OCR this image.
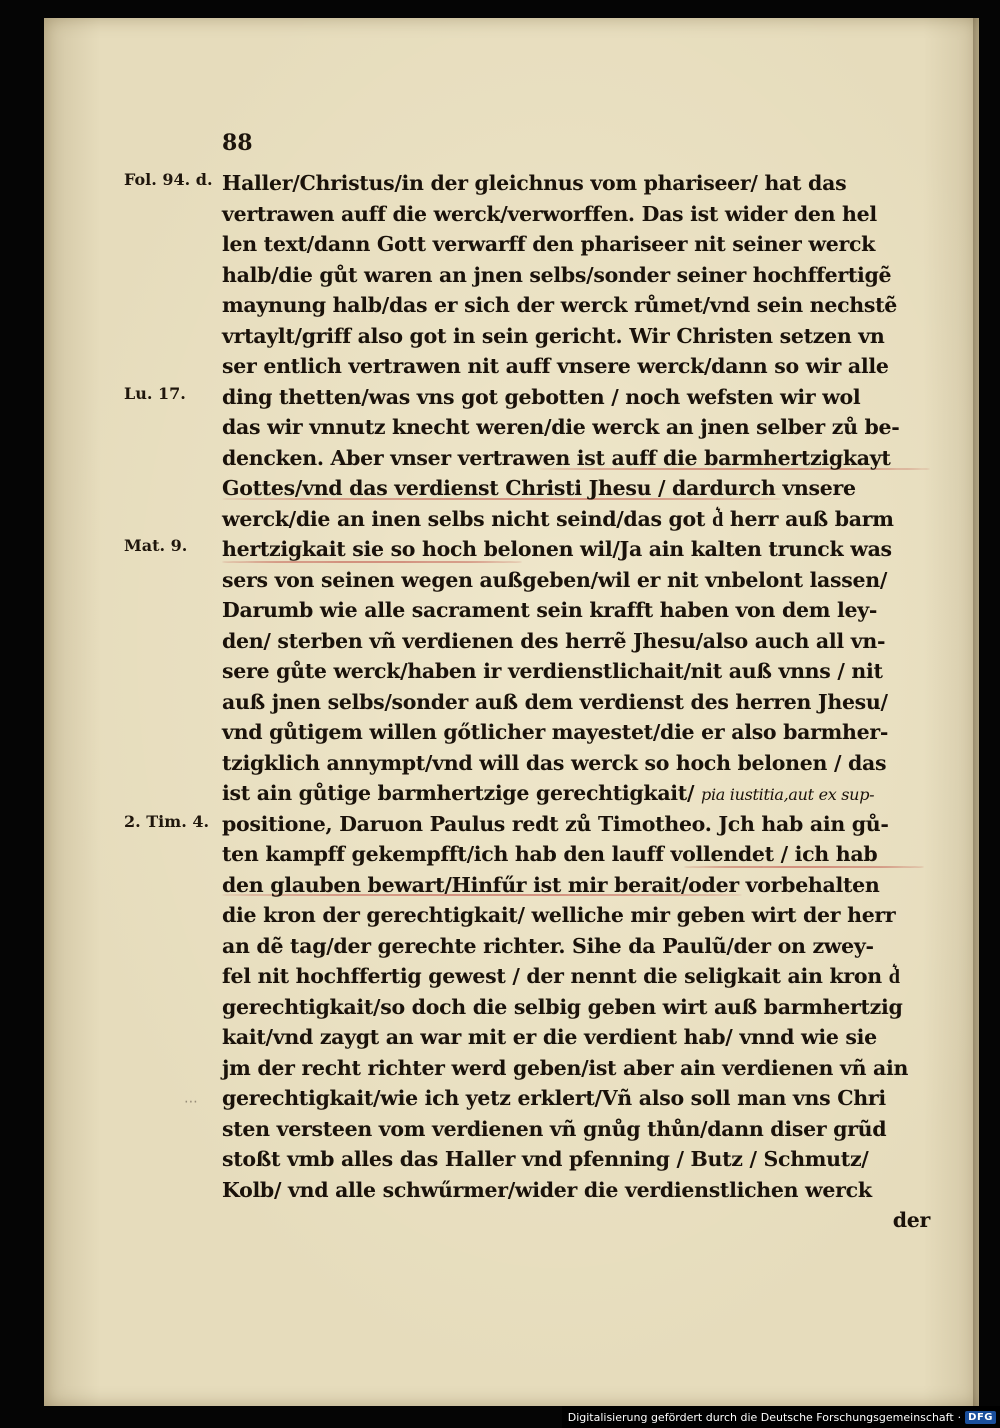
88
Fol. 94. d.
Lu. 17.
Mat. 9.
2. Tim. 4.
⋯
Haller/Christus/in der gleichnus vom phariseer/ hat das
vertrawen auff die werck/verworffen. Das ist wider den hel
len text/dann Gott verwarff den phariseer nit seiner werck
halb/die gůt waren an jnen selbs/sonder seiner hochffertigẽ
maynung halb/das er sich der werck růmet/vnd sein nechstẽ
vrtaylt/griff also got in sein gericht. Wir Christen setzen vn
ser entlich vertrawen nit auff vnsere werck/dann so wir alle
ding thetten/was vns got gebotten / noch wefsten wir wol
das wir vnnutz knecht weren/die werck an jnen selber zů be-
dencken. Aber vnser vertrawen ist auff die barmhertzigkayt
Gottes/vnd das verdienst Christi Jhesu / dardurch vnsere
werck/die an inen selbs nicht seind/das got d͛ herr auß barm
hertzigkait sie so hoch belonen wil/Ja ain kalten trunck was
sers von seinen wegen außgeben/wil er nit vnbelont lassen/
Darumb wie alle sacrament sein krafft haben von dem ley-
den/ sterben vñ verdienen des herrẽ Jhesu/also auch all vn-
sere gůte werck/haben ir verdienstlichait/nit auß vnns / nit
auß jnen selbs/sonder auß dem verdienst des herren Jhesu/
vnd gůtigem willen gőtlicher mayestet/die er also barmher-
tzigklich annympt/vnd will das werck so hoch belonen / das
ist ain gůtige barmhertzige gerechtigkait/ pia iustitia,aut ex sup-
positione, Daruon Paulus redt zů Timotheo. Jch hab ain gů-
ten kampff gekempfft/ich hab den lauff vollendet / ich hab
den glauben bewart/Hinfűr ist mir berait/oder vorbehalten
die kron der gerechtigkait/ welliche mir geben wirt der herr
an dẽ tag/der gerechte richter. Sihe da Paulũ/der on zwey-
fel nit hochffertig gewest / der nennt die seligkait ain kron d͛
gerechtigkait/so doch die selbig geben wirt auß barmhertzig
kait/vnd zaygt an war mit er die verdient hab/ vnnd wie sie
jm der recht richter werd geben/ist aber ain verdienen vñ ain
gerechtigkait/wie ich yetz erklert/Vñ also soll man vns Chri
sten versteen vom verdienen vñ gnůg thůn/dann diser grũd
stoßt vmb alles das Haller vnd pfenning / Butz / Schmutz/
Kolb/ vnd alle schwűrmer/wider die verdienstlichen werck
der
Digitalisierung gefördert durch die Deutsche Forschungsgemeinschaft · DFG
